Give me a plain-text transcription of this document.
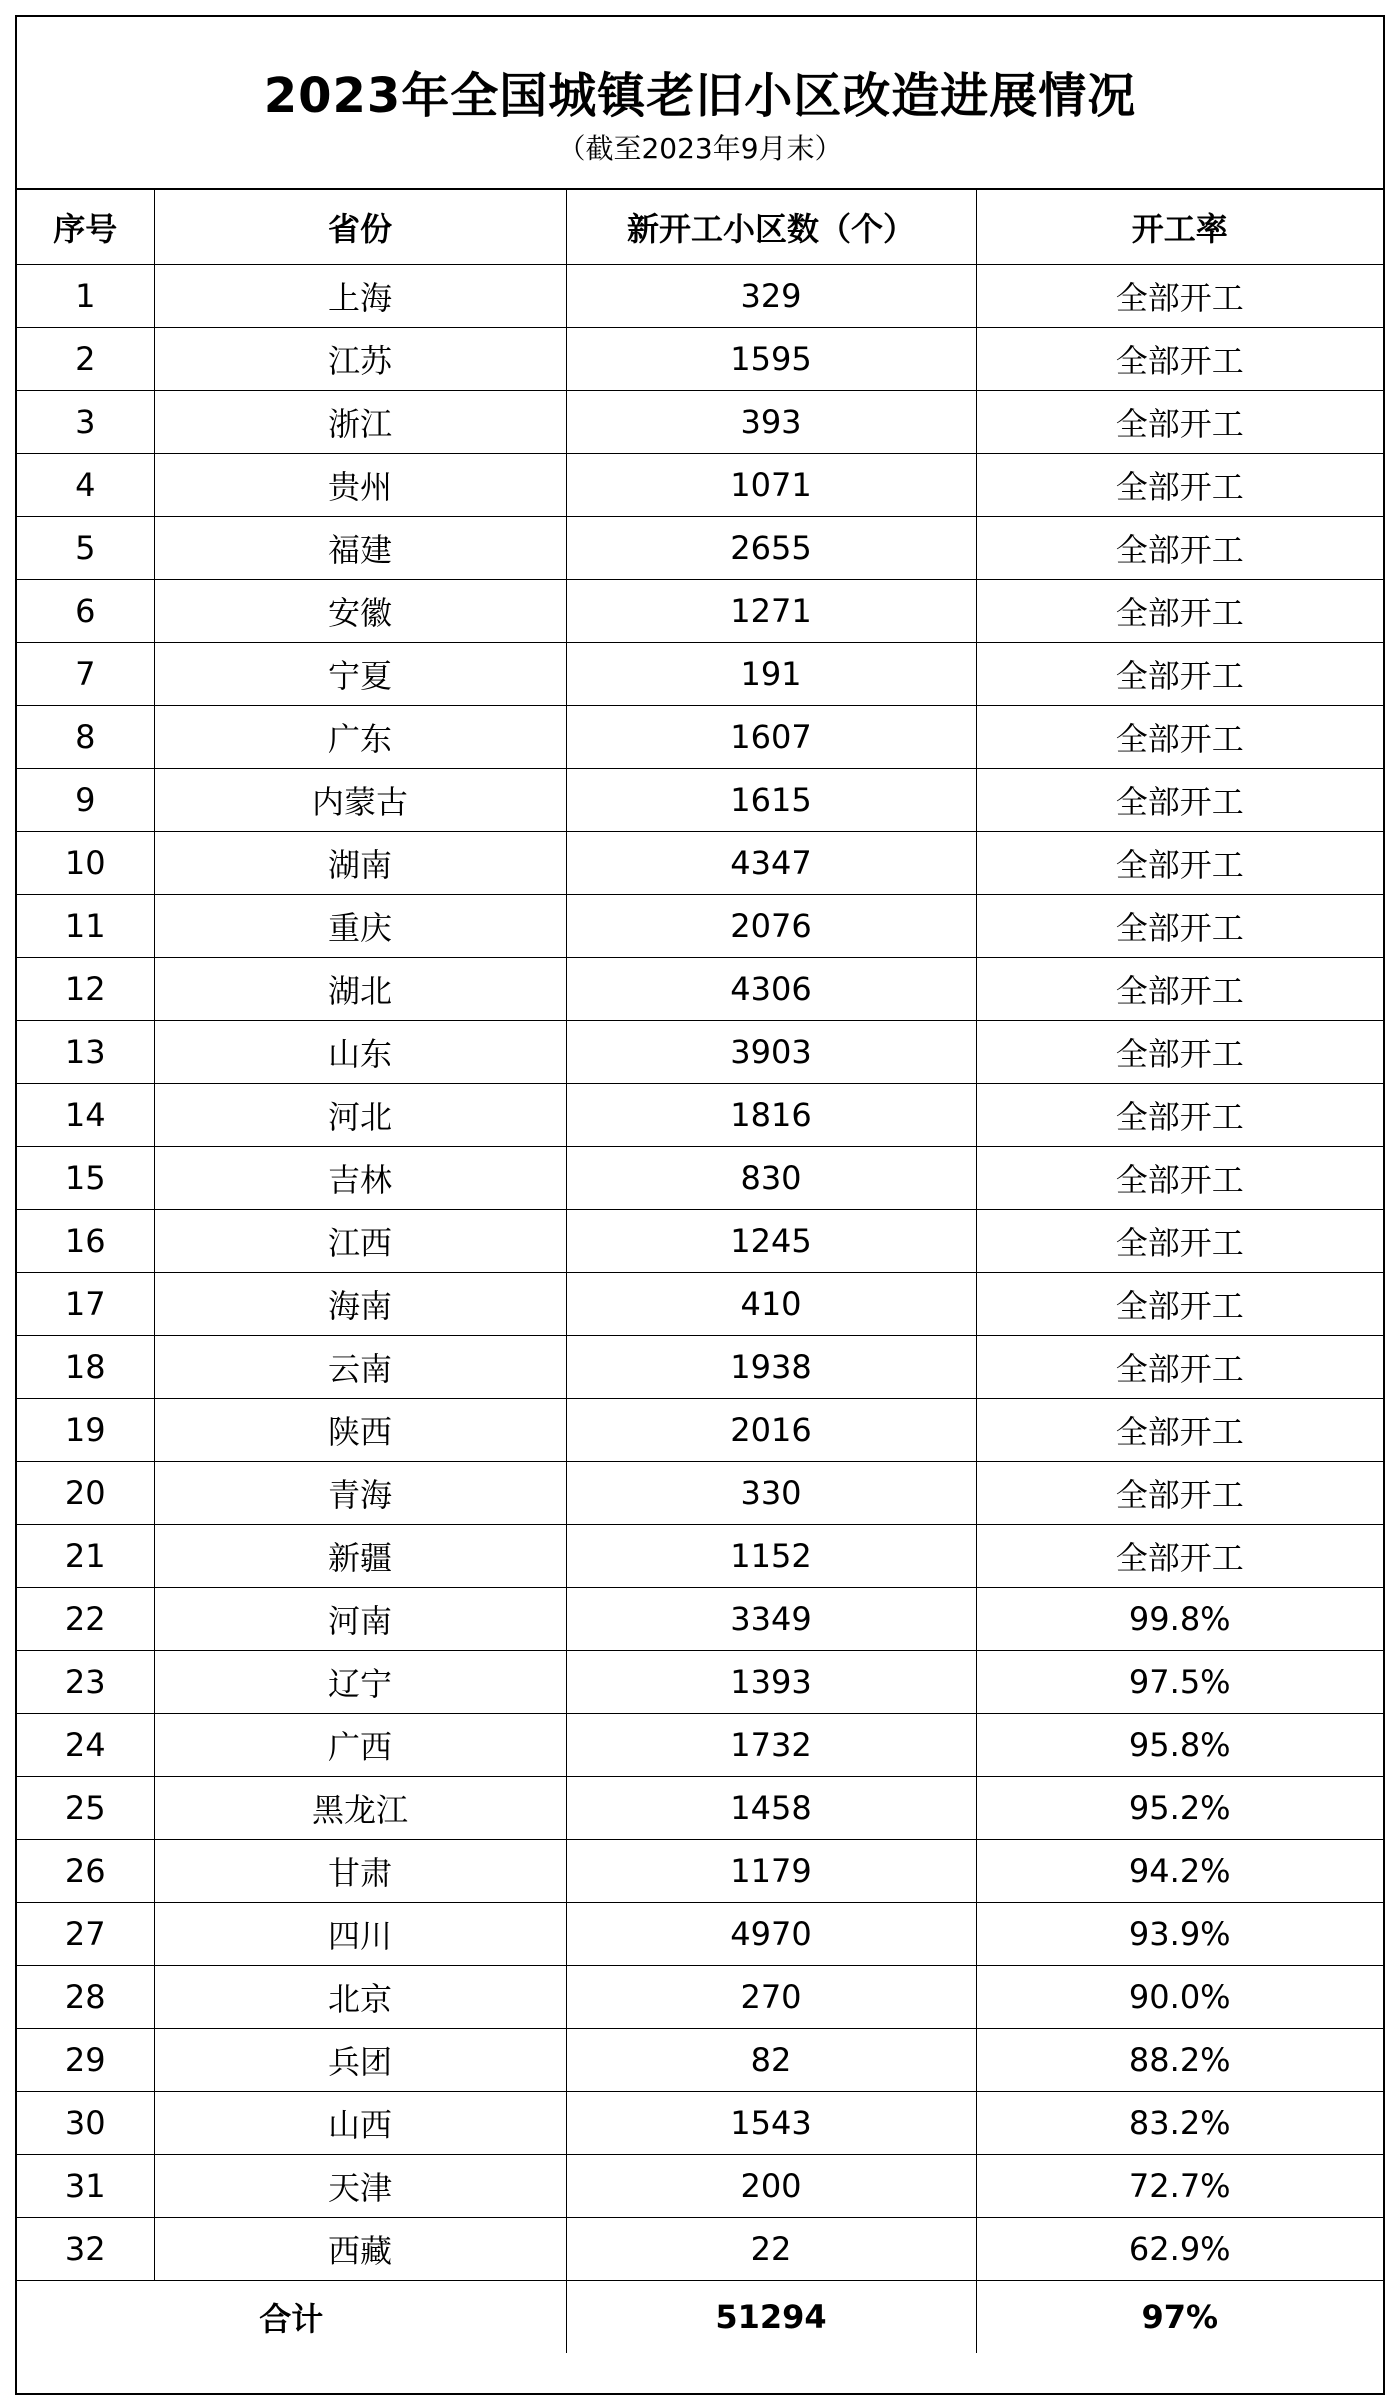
2023年全国城镇老旧小区改造进展情况
（截至2023年9月末）
序号	省份	新开工小区数（个）	开工率
1	上海	329	全部开工
2	江苏	1595	全部开工
3	浙江	393	全部开工
4	贵州	1071	全部开工
5	福建	2655	全部开工
6	安徽	1271	全部开工
7	宁夏	191	全部开工
8	广东	1607	全部开工
9	内蒙古	1615	全部开工
10	湖南	4347	全部开工
11	重庆	2076	全部开工
12	湖北	4306	全部开工
13	山东	3903	全部开工
14	河北	1816	全部开工
15	吉林	830	全部开工
16	江西	1245	全部开工
17	海南	410	全部开工
18	云南	1938	全部开工
19	陕西	2016	全部开工
20	青海	330	全部开工
21	新疆	1152	全部开工
22	河南	3349	99.8%
23	辽宁	1393	97.5%
24	广西	1732	95.8%
25	黑龙江	1458	95.2%
26	甘肃	1179	94.2%
27	四川	4970	93.9%
28	北京	270	90.0%
29	兵团	82	88.2%
30	山西	1543	83.2%
31	天津	200	72.7%
32	西藏	22	62.9%
合计		51294	97%
